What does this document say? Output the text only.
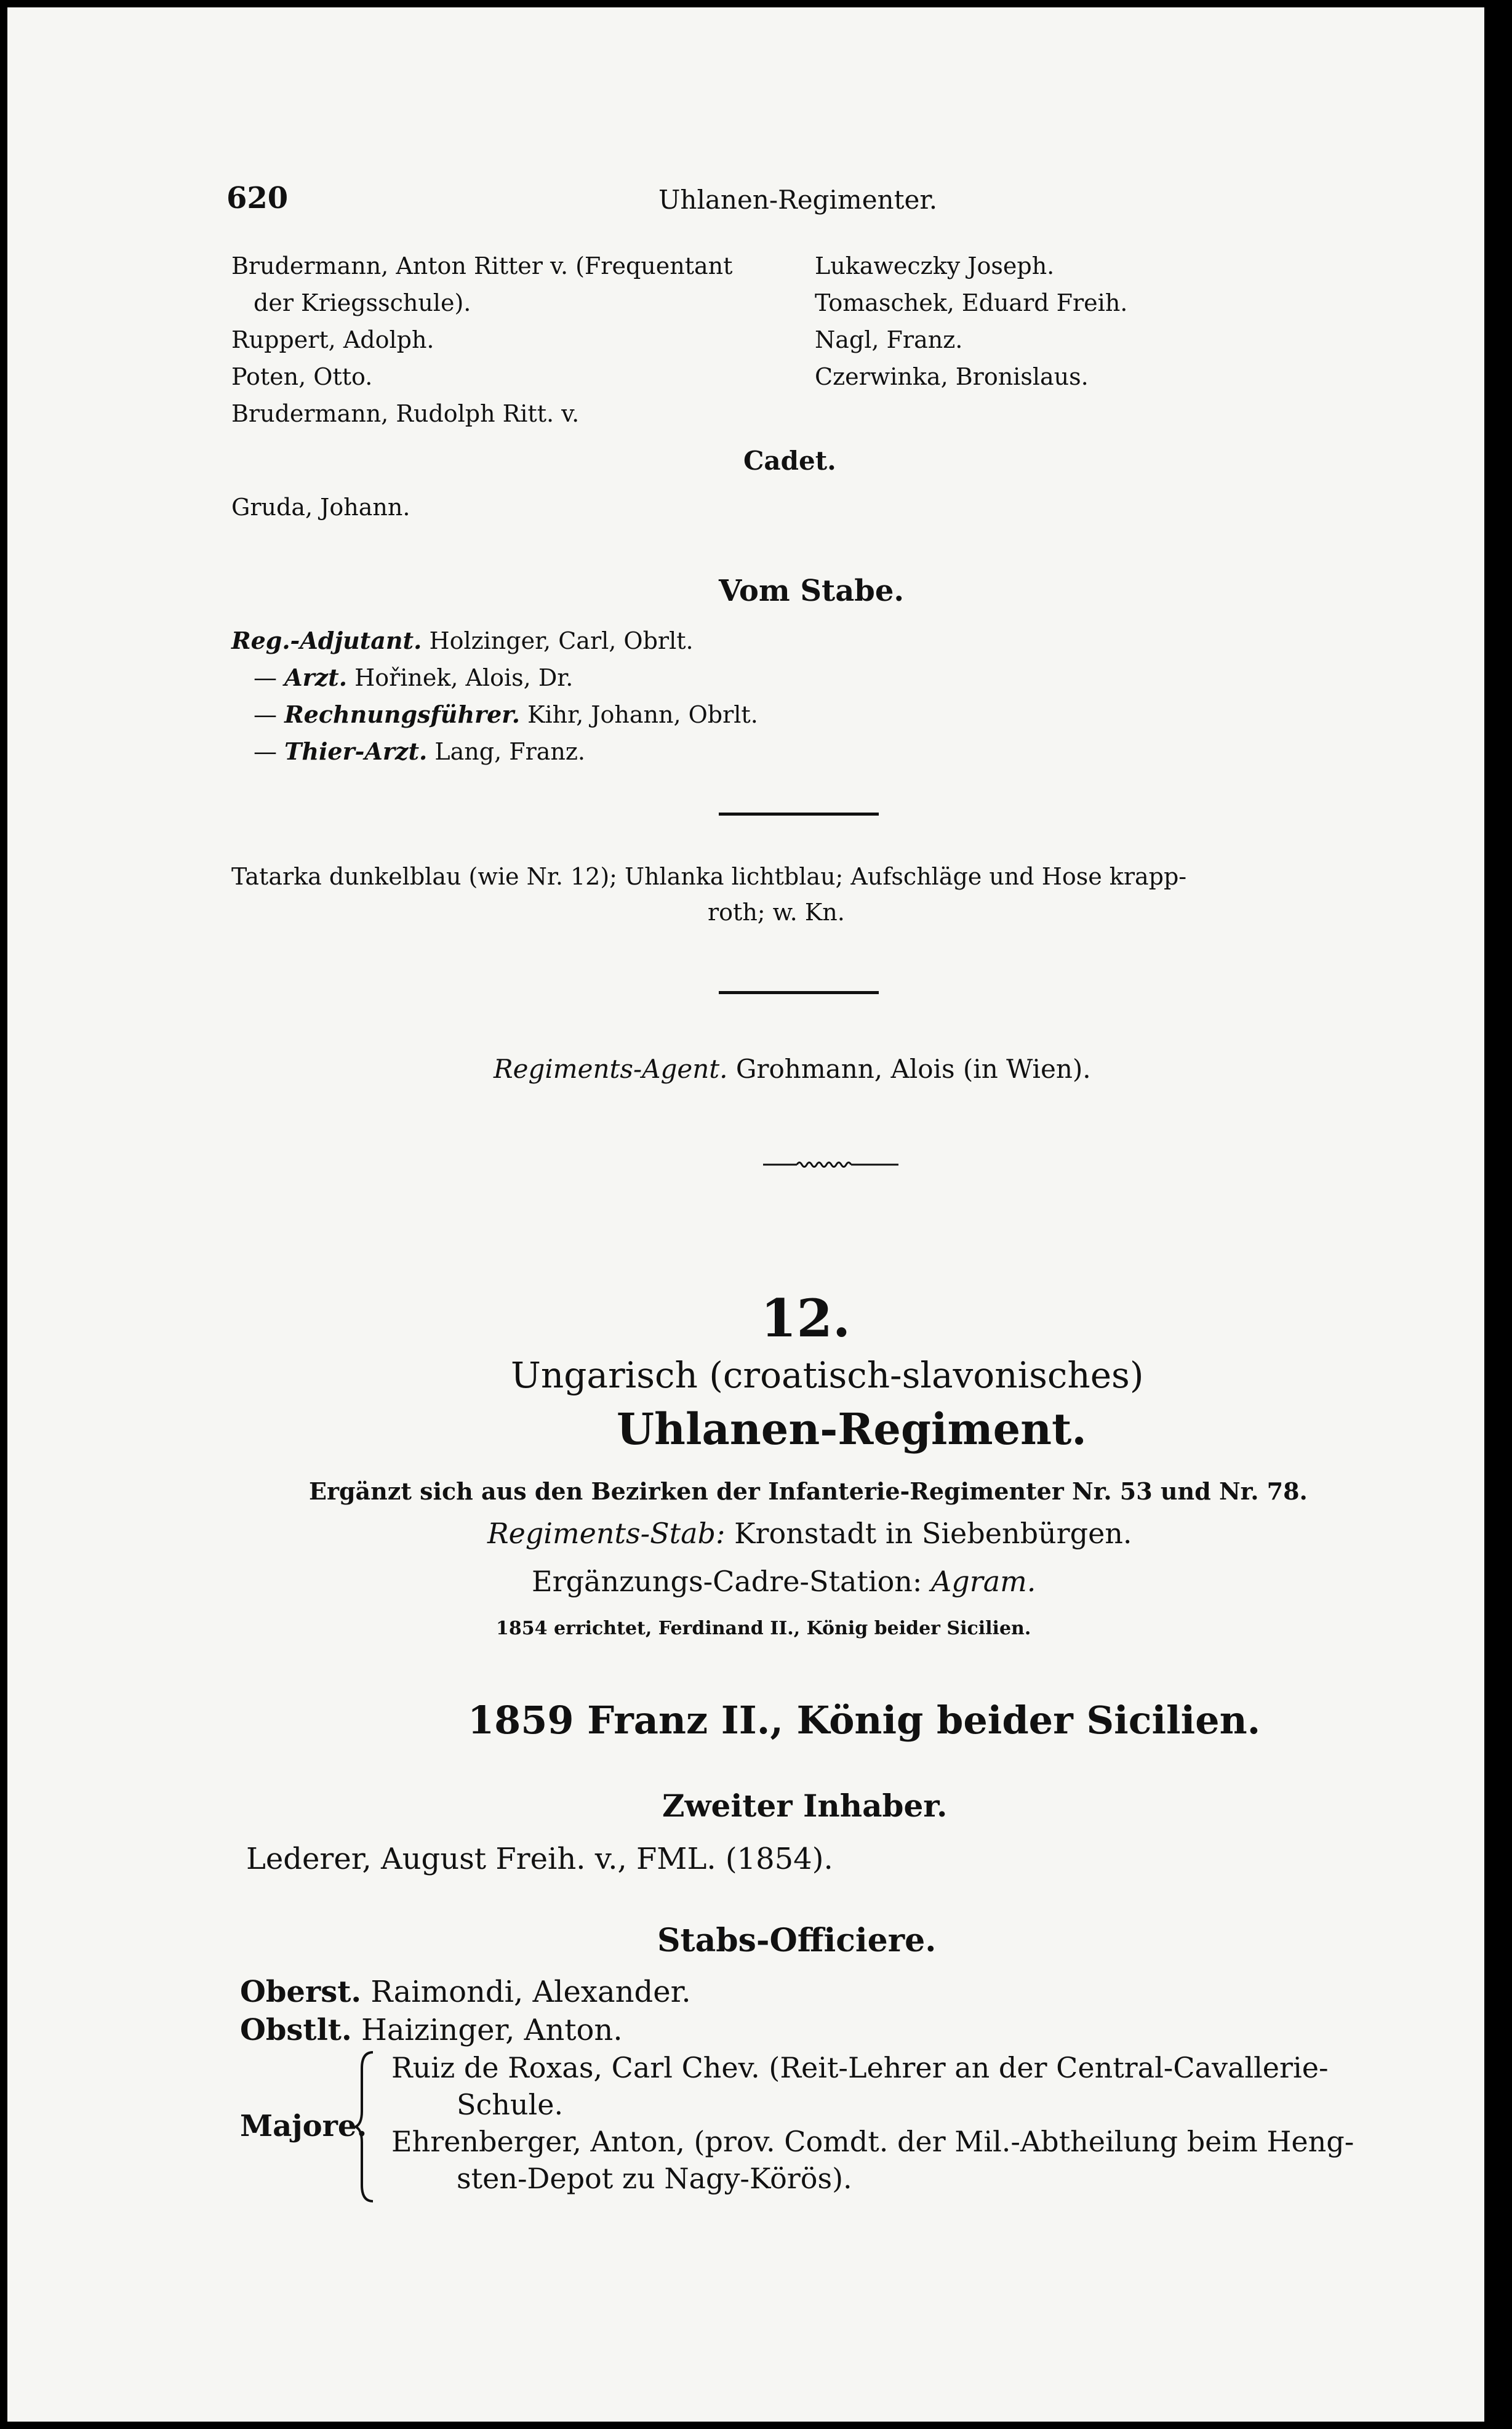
620	Uhlanen-Regimenter.
Brudermann, Anton Ritter v. (Frequentant
der Kriegsschule).
Ruppert, Adolph.
Poten, Otto.
Brudermann, Rudolph Ritt. v.
Lukaweczky Joseph.
Tomaschek, Eduard Freih.
Nagl, Franz.
Czerwinka, Bronislaus.
Cadet.
Gruda, Johann.
Vom Stabe.
Reg.-Adjutant. Holzinger, Carl, Obrlt.
— Arzt. Hořinek, Alois, Dr.
— Rechnungsführer. Kihr, Johann, Obrlt.
— Thier-Arzt. Lang, Franz.
Tatarka dunkelblau (wie Nr. 12); Uhlanka lichtblau; Aufschläge und Hose krapp-
roth; w. Kn.
Regiments-Agent. Grohmann, Alois (in Wien).
12.
Ungarisch (croatisch-slavonisches)
Uhlanen-Regiment.
Ergänzt sich aus den Bezirken der Infanterie-Regimenter Nr. 53 und Nr. 78.
Regiments-Stab: Kronstadt in Siebenbürgen.
Ergänzungs-Cadre-Station: Agram.
1854 errichtet, Ferdinand II., König beider Sicilien.
1859 Franz II., König beider Sicilien.
Zweiter Inhaber.
Lederer, August Freih. v., FML. (1854).
Stabs-Officiere.
Oberst. Raimondi, Alexander.
Obstlt. Haizinger, Anton.
Majore.
Ruiz de Roxas, Carl Chev. (Reit-Lehrer an der Central-Cavallerie-
Schule.
Ehrenberger, Anton, (prov. Comdt. der Mil.-Abtheilung beim Heng-
sten-Depot zu Nagy-Körös).
